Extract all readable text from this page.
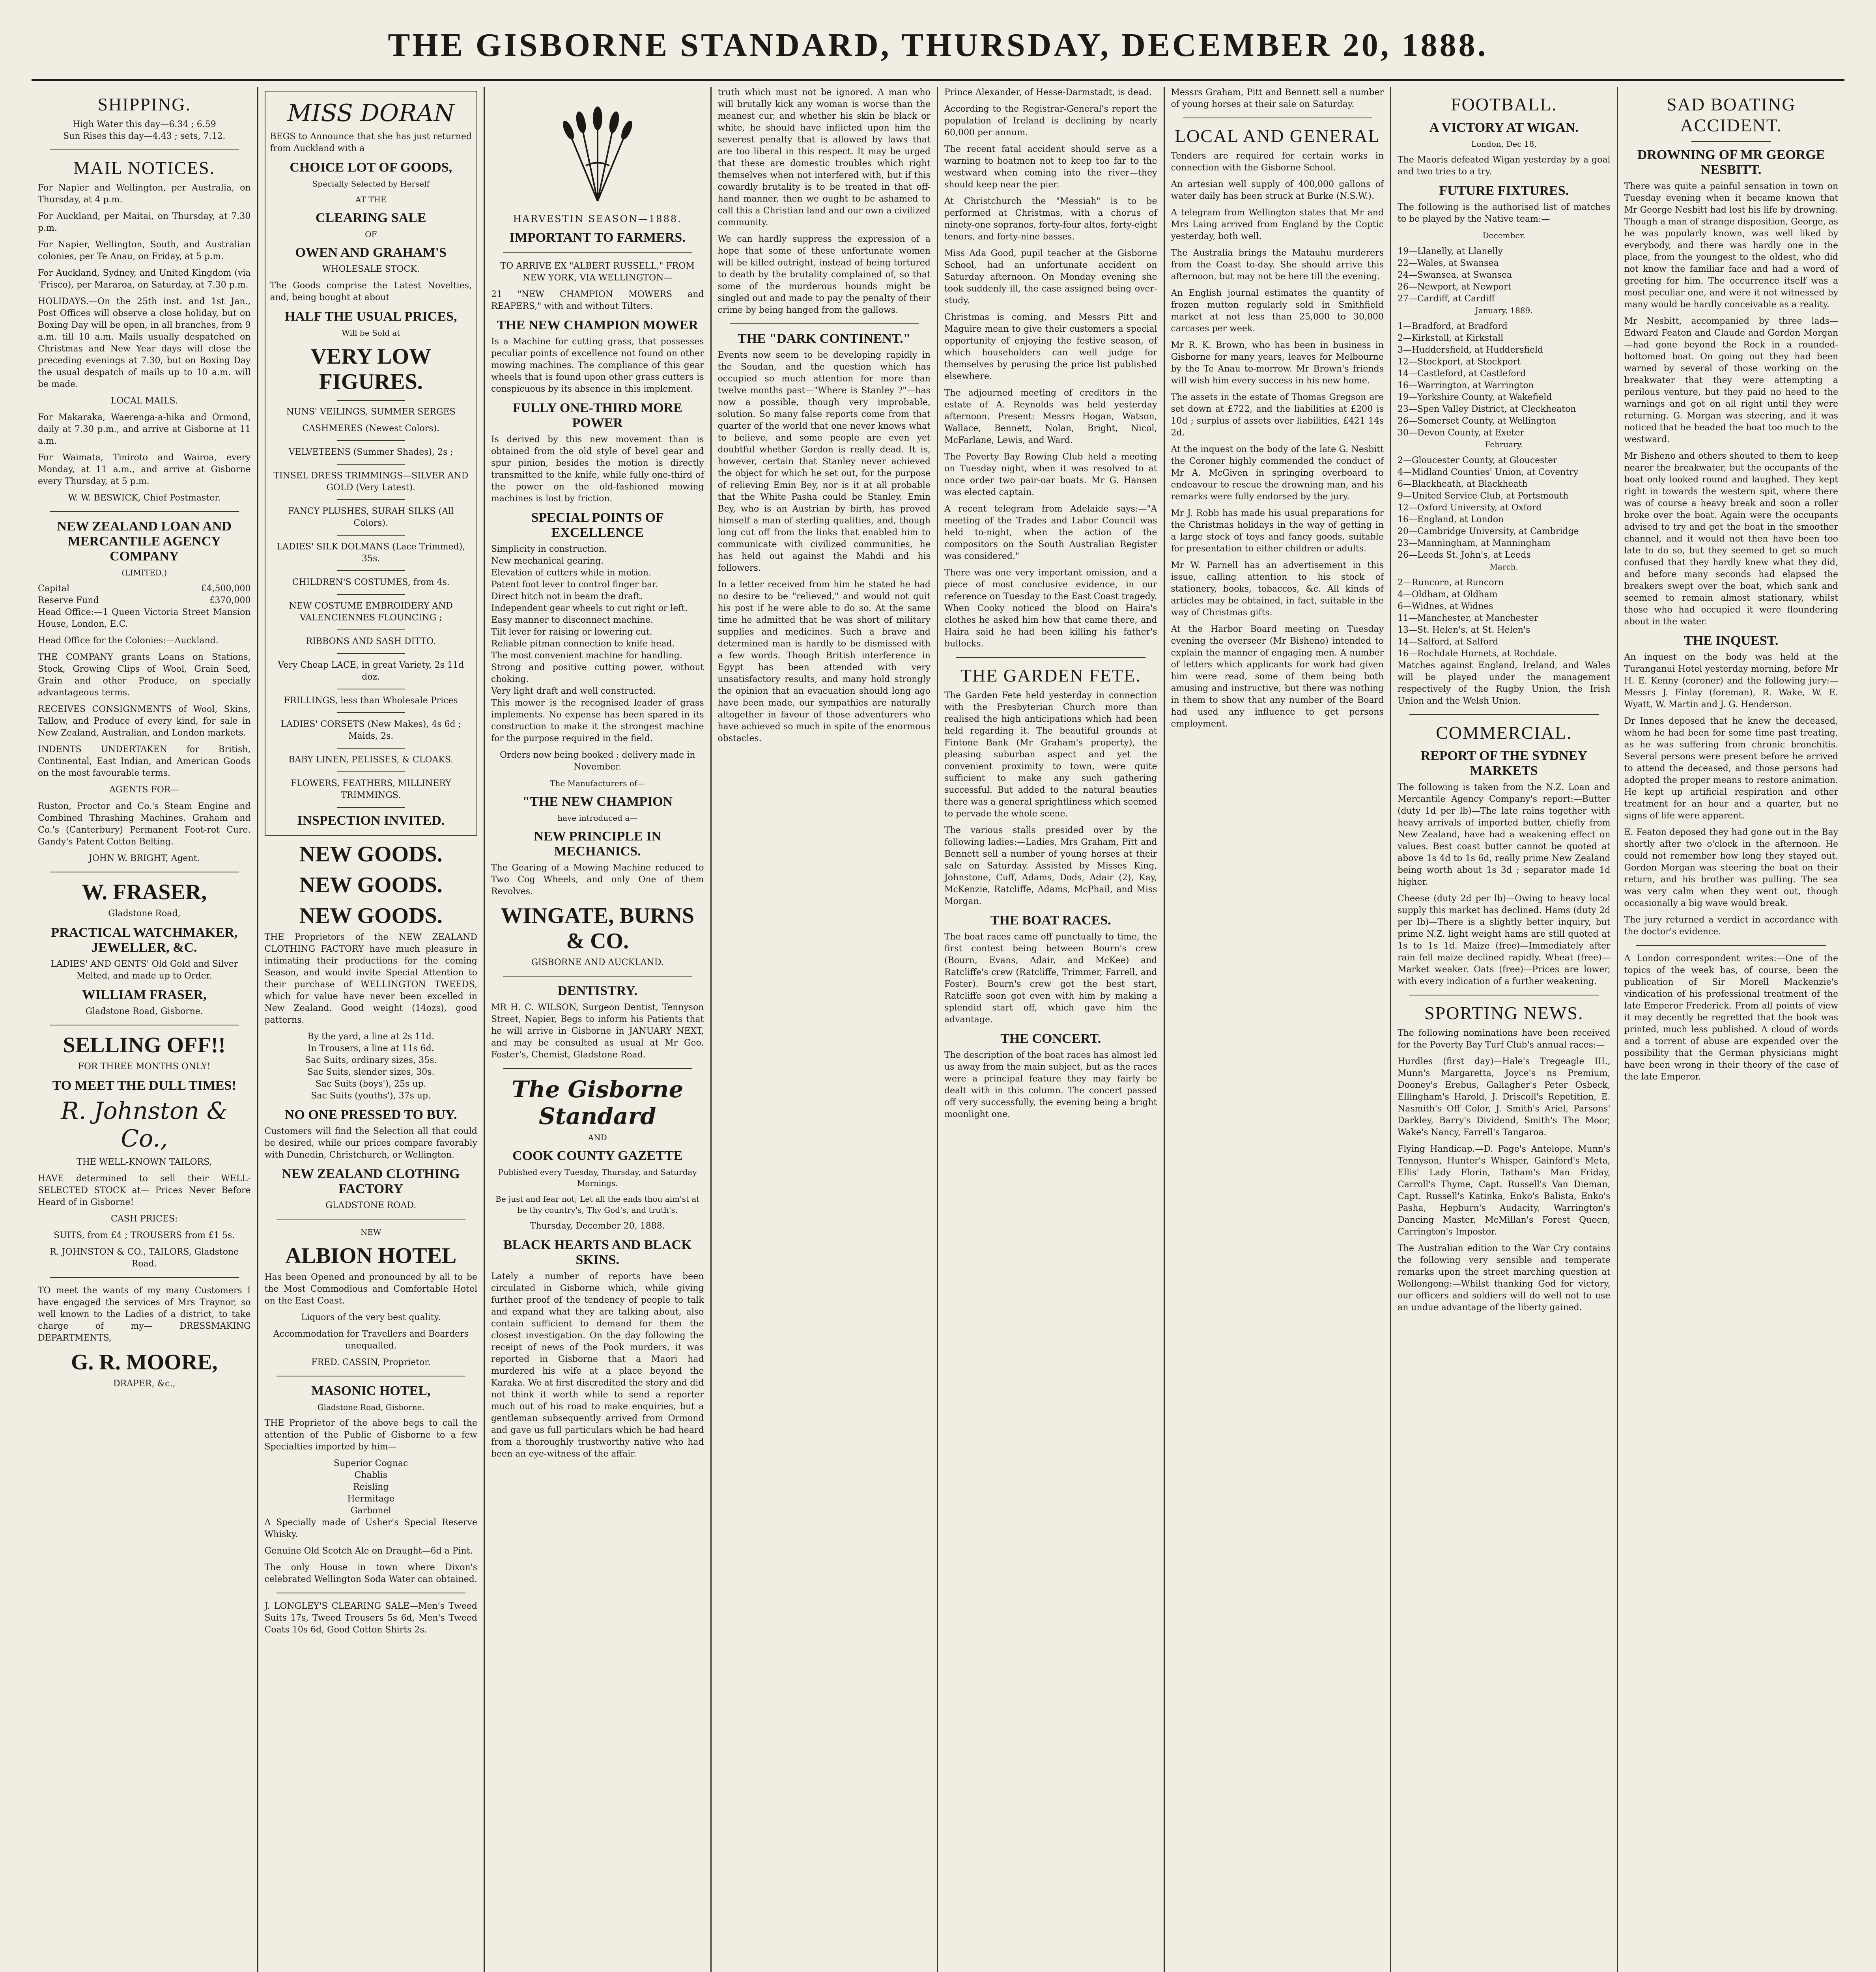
THE GISBORNE STANDARD, THURSDAY, DECEMBER 20, 1888.
SHIPPING.

High Water this day—6.34 ; 6.59

Sun Rises this day—4.43 ; sets, 7.12.

MAIL NOTICES.

For Napier and Wellington, per Australia, on Thursday, at 4 p.m.

For Auckland, per Maitai, on Thursday, at 7.30 p.m.

For Napier, Wellington, South, and Australian colonies, per Te Anau, on Friday, at 5 p.m.

For Auckland, Sydney, and United Kingdom (via 'Frisco), per Mararoa, on Saturday, at 7.30 p.m.

HOLIDAYS.—On the 25th inst. and 1st Jan., Post Offices will observe a close holiday, but on Boxing Day will be open, in all branches, from 9 a.m. till 10 a.m. Mails usually despatched on Christmas and New Year days will close the preceding evenings at 7.30, but on Boxing Day the usual despatch of mails up to 10 a.m. will be made.

LOCAL MAILS.

For Makaraka, Waerenga-a-hika and Ormond, daily at 7.30 p.m., and arrive at Gisborne at 11 a.m.

For Waimata, Tiniroto and Wairoa, every Monday, at 11 a.m., and arrive at Gisborne every Thursday, at 5 p.m.

W. W. BESWICK, Chief Postmaster.

NEW ZEALAND LOAN AND MERCANTILE AGENCY COMPANY

(LIMITED.)

Capital	£4,500,000
Reserve Fund	£370,000

Head Office:—1 Queen Victoria Street Mansion House, London, E.C.

Head Office for the Colonies:—Auckland.

THE COMPANY grants Loans on Stations, Stock, Growing Clips of Wool, Grain Seed, Grain and other Produce, on specially advantageous terms.

RECEIVES CONSIGNMENTS of Wool, Skins, Tallow, and Produce of every kind, for sale in New Zealand, Australian, and London markets.

INDENTS UNDERTAKEN for British, Continental, East Indian, and American Goods on the most favourable terms.

AGENTS FOR—

Ruston, Proctor and Co.'s Steam Engine and Combined Thrashing Machines. Graham and Co.'s (Canterbury) Permanent Foot-rot Cure. Gandy's Patent Cotton Belting.

JOHN W. BRIGHT, Agent.

W. FRASER,

Gladstone Road,

PRACTICAL WATCHMAKER, JEWELLER, &C.

LADIES' AND GENTS' Old Gold and Silver Melted, and made up to Order.

WILLIAM FRASER,

Gladstone Road, Gisborne.

SELLING OFF!!

FOR THREE MONTHS ONLY!

TO MEET THE DULL TIMES!
R. Johnston & Co.,

THE WELL-KNOWN TAILORS,

HAVE determined to sell their WELL-SELECTED STOCK at— Prices Never Before Heard of in Gisborne!

CASH PRICES:

SUITS, from £4 ; TROUSERS from £1 5s.

R. JOHNSTON & CO., TAILORS, Gladstone Road.

TO meet the wants of my many Customers I have engaged the services of Mrs Traynor, so well known to the Ladies of a district, to take charge of my— DRESSMAKING DEPARTMENTS,

G. R. MOORE,

DRAPER, &c.,

MISS DORAN

BEGS to Announce that she has just returned from Auckland with a

CHOICE LOT OF GOODS,

Specially Selected by Herself

AT THE

CLEARING SALE

OF

OWEN AND GRAHAM'S

WHOLESALE STOCK.

The Goods comprise the Latest Novelties, and, being bought at about

HALF THE USUAL PRICES,

Will be Sold at

VERY LOW FIGURES.

NUNS' VEILINGS, SUMMER SERGES

CASHMERES (Newest Colors).

VELVETEENS (Summer Shades), 2s ;

TINSEL DRESS TRIMMINGS—SILVER AND GOLD (Very Latest).

FANCY PLUSHES, SURAH SILKS (All Colors).

LADIES' SILK DOLMANS (Lace Trimmed), 35s.

CHILDREN'S COSTUMES, from 4s.

NEW COSTUME EMBROIDERY AND VALENCIENNES FLOUNCING ;

RIBBONS AND SASH DITTO.

Very Cheap LACE, in great Variety, 2s 11d doz.

FRILLINGS, less than Wholesale Prices

LADIES' CORSETS (New Makes), 4s 6d ; Maids, 2s.

BABY LINEN, PELISSES, & CLOAKS.

FLOWERS, FEATHERS, MILLINERY TRIMMINGS.

INSPECTION INVITED.
NEW GOODS.
NEW GOODS.
NEW GOODS.

THE Proprietors of the NEW ZEALAND CLOTHING FACTORY have much pleasure in intimating their productions for the coming Season, and would invite Special Attention to their purchase of WELLINGTON TWEEDS, which for value have never been excelled in New Zealand. Good weight (14ozs), good patterns.

By the yard, a line at 2s 11d.

In Trousers, a line at 11s 6d.

Sac Suits, ordinary sizes, 35s.

Sac Suits, slender sizes, 30s.

Sac Suits (boys'), 25s up.

Sac Suits (youths'), 37s up.

NO ONE PRESSED TO BUY.

Customers will find the Selection all that could be desired, while our prices compare favorably with Dunedin, Christchurch, or Wellington.

NEW ZEALAND CLOTHING FACTORY

GLADSTONE ROAD.

NEW

ALBION HOTEL

Has been Opened and pronounced by all to be the Most Commodious and Comfortable Hotel on the East Coast.

Liquors of the very best quality.

Accommodation for Travellers and Boarders unequalled.

FRED. CASSIN, Proprietor.

MASONIC HOTEL,

Gladstone Road, Gisborne.

THE Proprietor of the above begs to call the attention of the Public of Gisborne to a few Specialties imported by him—

Superior Cognac

Chablis

Reisling

Hermitage

Garbonel

A Specially made of Usher's Special Reserve Whisky.

Genuine Old Scotch Ale on Draught—6d a Pint.

The only House in town where Dixon's celebrated Wellington Soda Water can obtained.

J. LONGLEY'S CLEARING SALE—Men's Tweed Suits 17s, Tweed Trousers 5s 6d, Men's Tweed Coats 10s 6d, Good Cotton Shirts 2s.

HARVESTIN SEASON—1888.

IMPORTANT TO FARMERS.

TO ARRIVE EX "ALBERT RUSSELL," FROM NEW YORK, VIA WELLINGTON—

21 "NEW CHAMPION MOWERS and REAPERS," with and without Tilters.

THE NEW CHAMPION MOWER

Is a Machine for cutting grass, that possesses peculiar points of excellence not found on other mowing machines. The compliance of this gear wheels that is found upon other grass cutters is conspicuous by its absence in this implement.

FULLY ONE-THIRD MORE POWER

Is derived by this new movement than is obtained from the old style of bevel gear and spur pinion, besides the motion is directly transmitted to the knife, while fully one-third of the power on the old-fashioned mowing machines is lost by friction.

SPECIAL POINTS OF EXCELLENCE

Simplicity in construction.

New mechanical gearing.

Elevation of cutters while in motion.

Patent foot lever to control finger bar.

Direct hitch not in beam the draft.

Independent gear wheels to cut right or left.

Easy manner to disconnect machine.

Tilt lever for raising or lowering cut.

Reliable pitman connection to knife head.

The most convenient machine for handling.

Strong and positive cutting power, without choking.

Very light draft and well constructed.

This mower is the recognised leader of grass implements. No expense has been spared in its construction to make it the strongest machine for the purpose required in the field.

Orders now being booked ; delivery made in November.

The Manufacturers of—

"THE NEW CHAMPION

have introduced a—

NEW PRINCIPLE IN MECHANICS.

The Gearing of a Mowing Machine reduced to Two Cog Wheels, and only One of them Revolves.

WINGATE, BURNS & CO.

GISBORNE AND AUCKLAND.

DENTISTRY.

MR H. C. WILSON, Surgeon Dentist, Tennyson Street, Napier, Begs to inform his Patients that he will arrive in Gisborne in JANUARY NEXT, and may be consulted as usual at Mr Geo. Foster's, Chemist, Gladstone Road.

The Gisborne Standard

AND

COOK COUNTY GAZETTE

Published every Tuesday, Thursday, and Saturday Mornings.

Be just and fear not; Let all the ends thou aim'st at be thy country's, Thy God's, and truth's.

Thursday, December 20, 1888.

BLACK HEARTS AND BLACK SKINS.

Lately a number of reports have been circulated in Gisborne which, while giving further proof of the tendency of people to talk and expand what they are talking about, also contain sufficient to demand for them the closest investigation. On the day following the receipt of news of the Pook murders, it was reported in Gisborne that a Maori had murdered his wife at a place beyond the Karaka. We at first discredited the story and did not think it worth while to send a reporter much out of his road to make enquiries, but a gentleman subsequently arrived from Ormond and gave us full particulars which he had heard from a thoroughly trustworthy native who had been an eye-witness of the affair.

truth which must not be ignored. A man who will brutally kick any woman is worse than the meanest cur, and whether his skin be black or white, he should have inflicted upon him the severest penalty that is allowed by laws that are too liberal in this respect. It may be urged that these are domestic troubles which right themselves when not interfered with, but if this cowardly brutality is to be treated in that off-hand manner, then we ought to be ashamed to call this a Christian land and our own a civilized community.

We can hardly suppress the expression of a hope that some of these unfortunate women will be killed outright, instead of being tortured to death by the brutality complained of, so that some of the murderous hounds might be singled out and made to pay the penalty of their crime by being hanged from the gallows.

THE "DARK CONTINENT."

Events now seem to be developing rapidly in the Soudan, and the question which has occupied so much attention for more than twelve months past—"Where is Stanley ?"—has now a possible, though very improbable, solution. So many false reports come from that quarter of the world that one never knows what to believe, and some people are even yet doubtful whether Gordon is really dead. It is, however, certain that Stanley never achieved the object for which he set out, for the purpose of relieving Emin Bey, nor is it at all probable that the White Pasha could be Stanley. Emin Bey, who is an Austrian by birth, has proved himself a man of sterling qualities, and, though long cut off from the links that enabled him to communicate with civilized communities, he has held out against the Mahdi and his followers.

In a letter received from him he stated he had no desire to be "relieved," and would not quit his post if he were able to do so. At the same time he admitted that he was short of military supplies and medicines. Such a brave and determined man is hardly to be dismissed with a few words. Though British interference in Egypt has been attended with very unsatisfactory results, and many hold strongly the opinion that an evacuation should long ago have been made, our sympathies are naturally altogether in favour of those adventurers who have achieved so much in spite of the enormous obstacles.

Prince Alexander, of Hesse-Darmstadt, is dead.

According to the Registrar-General's report the population of Ireland is declining by nearly 60,000 per annum.

The recent fatal accident should serve as a warning to boatmen not to keep too far to the westward when coming into the river—they should keep near the pier.

At Christchurch the "Messiah" is to be performed at Christmas, with a chorus of ninety-one sopranos, forty-four altos, forty-eight tenors, and forty-nine basses.

Miss Ada Good, pupil teacher at the Gisborne School, had an unfortunate accident on Saturday afternoon. On Monday evening she took suddenly ill, the case assigned being over-study.

Christmas is coming, and Messrs Pitt and Maguire mean to give their customers a special opportunity of enjoying the festive season, of which householders can well judge for themselves by perusing the price list published elsewhere.

The adjourned meeting of creditors in the estate of A. Reynolds was held yesterday afternoon. Present: Messrs Hogan, Watson, Wallace, Bennett, Nolan, Bright, Nicol, McFarlane, Lewis, and Ward.

The Poverty Bay Rowing Club held a meeting on Tuesday night, when it was resolved to at once order two pair-oar boats. Mr G. Hansen was elected captain.

A recent telegram from Adelaide says:—"A meeting of the Trades and Labor Council was held to-night, when the action of the compositors on the South Australian Register was considered."

There was one very important omission, and a piece of most conclusive evidence, in our reference on Tuesday to the East Coast tragedy. When Cooky noticed the blood on Haira's clothes he asked him how that came there, and Haira said he had been killing his father's bullocks.

THE GARDEN FETE.

The Garden Fete held yesterday in connection with the Presbyterian Church more than realised the high anticipations which had been held regarding it. The beautiful grounds at Fintone Bank (Mr Graham's property), the pleasing suburban aspect and yet the convenient proximity to town, were quite sufficient to make any such gathering successful. But added to the natural beauties there was a general sprightliness which seemed to pervade the whole scene.

The various stalls presided over by the following ladies:—Ladies, Mrs Graham, Pitt and Bennett sell a number of young horses at their sale on Saturday. Assisted by Misses King, Johnstone, Cuff, Adams, Dods, Adair (2), Kay, McKenzie, Ratcliffe, Adams, McPhail, and Miss Morgan.

THE BOAT RACES.

The boat races came off punctually to time, the first contest being between Bourn's crew (Bourn, Evans, Adair, and McKee) and Ratcliffe's crew (Ratcliffe, Trimmer, Farrell, and Foster). Bourn's crew got the best start, Ratcliffe soon got even with him by making a splendid start off, which gave him the advantage.

THE CONCERT.

The description of the boat races has almost led us away from the main subject, but as the races were a principal feature they may fairly be dealt with in this column. The concert passed off very successfully, the evening being a bright moonlight one.

Messrs Graham, Pitt and Bennett sell a number of young horses at their sale on Saturday.

LOCAL AND GENERAL

Tenders are required for certain works in connection with the Gisborne School.

An artesian well supply of 400,000 gallons of water daily has been struck at Burke (N.S.W.).

A telegram from Wellington states that Mr and Mrs Laing arrived from England by the Coptic yesterday, both well.

The Australia brings the Matauhu murderers from the Coast to-day. She should arrive this afternoon, but may not be here till the evening.

An English journal estimates the quantity of frozen mutton regularly sold in Smithfield market at not less than 25,000 to 30,000 carcases per week.

Mr R. K. Brown, who has been in business in Gisborne for many years, leaves for Melbourne by the Te Anau to-morrow. Mr Brown's friends will wish him every success in his new home.

The assets in the estate of Thomas Gregson are set down at £722, and the liabilities at £200 is 10d ; surplus of assets over liabilities, £421 14s 2d.

At the inquest on the body of the late G. Nesbitt the Coroner highly commended the conduct of Mr A. McGiven in springing overboard to endeavour to rescue the drowning man, and his remarks were fully endorsed by the jury.

Mr J. Robb has made his usual preparations for the Christmas holidays in the way of getting in a large stock of toys and fancy goods, suitable for presentation to either children or adults.

Mr W. Parnell has an advertisement in this issue, calling attention to his stock of stationery, books, tobaccos, &c. All kinds of articles may be obtained, in fact, suitable in the way of Christmas gifts.

At the Harbor Board meeting on Tuesday evening the overseer (Mr Bisheno) intended to explain the manner of engaging men. A number of letters which applicants for work had given him were read, some of them being both amusing and instructive, but there was nothing in them to show that any number of the Board had used any influence to get persons employment.

FOOTBALL.
A VICTORY AT WIGAN.

London, Dec 18,

The Maoris defeated Wigan yesterday by a goal and two tries to a try.

FUTURE FIXTURES.

The following is the authorised list of matches to be played by the Native team:—

December.

19—Llanelly, at Llanelly

22—Wales, at Swansea

24—Swansea, at Swansea

26—Newport, at Newport

27—Cardiff, at Cardiff

January, 1889.

1—Bradford, at Bradford

2—Kirkstall, at Kirkstall

3—Huddersfield, at Huddersfield

12—Stockport, at Stockport

14—Castleford, at Castleford

16—Warrington, at Warrington

19—Yorkshire County, at Wakefield

23—Spen Valley District, at Cleckheaton

26—Somerset County, at Wellington

30—Devon County, at Exeter

February.

2—Gloucester County, at Gloucester

4—Midland Counties' Union, at Coventry

6—Blackheath, at Blackheath

9—United Service Club, at Portsmouth

12—Oxford University, at Oxford

16—England, at London

20—Cambridge University, at Cambridge

23—Manningham, at Manningham

26—Leeds St. John's, at Leeds

March.

2—Runcorn, at Runcorn

4—Oldham, at Oldham

6—Widnes, at Widnes

11—Manchester, at Manchester

13—St. Helen's, at St. Helen's

14—Salford, at Salford

16—Rochdale Hornets, at Rochdale.

Matches against England, Ireland, and Wales will be played under the management respectively of the Rugby Union, the Irish Union and the Welsh Union.

COMMERCIAL.
REPORT OF THE SYDNEY MARKETS

The following is taken from the N.Z. Loan and Mercantile Agency Company's report:—Butter (duty 1d per lb)—The late rains together with heavy arrivals of imported butter, chiefly from New Zealand, have had a weakening effect on values. Best coast butter cannot be quoted at above 1s 4d to 1s 6d, really prime New Zealand being worth about 1s 3d ; separator made 1d higher.

Cheese (duty 2d per lb)—Owing to heavy local supply this market has declined. Hams (duty 2d per lb)—There is a slightly better inquiry, but prime N.Z. light weight hams are still quoted at 1s to 1s 1d. Maize (free)—Immediately after rain fell maize declined rapidly. Wheat (free)—Market weaker. Oats (free)—Prices are lower, with every indication of a further weakening.

SPORTING NEWS.

The following nominations have been received for the Poverty Bay Turf Club's annual races:—

Hurdles (first day)—Hale's Tregeagle III., Munn's Margaretta, Joyce's ns Premium, Dooney's Erebus, Gallagher's Peter Osbeck, Ellingham's Harold, J. Driscoll's Repetition, E. Nasmith's Off Color, J. Smith's Ariel, Parsons' Darkley, Barry's Dividend, Smith's The Moor, Wake's Nancy, Farrell's Tangaroa.

Flying Handicap.—D. Page's Antelope, Munn's Tennyson, Hunter's Whisper, Gainford's Meta, Ellis' Lady Florin, Tatham's Man Friday, Carroll's Thyme, Capt. Russell's Van Dieman, Capt. Russell's Katinka, Enko's Balista, Enko's Pasha, Hepburn's Audacity, Warrington's Dancing Master, McMillan's Forest Queen, Carrington's Impostor.

The Australian edition to the War Cry contains the following very sensible and temperate remarks upon the street marching question at Wollongong:—Whilst thanking God for victory, our officers and soldiers will do well not to use an undue advantage of the liberty gained.

SAD BOATING ACCIDENT.
DROWNING OF MR GEORGE NESBITT.

There was quite a painful sensation in town on Tuesday evening when it became known that Mr George Nesbitt had lost his life by drowning. Though a man of strange disposition, George, as he was popularly known, was well liked by everybody, and there was hardly one in the place, from the youngest to the oldest, who did not know the familiar face and had a word of greeting for him. The occurrence itself was a most peculiar one, and were it not witnessed by many would be hardly conceivable as a reality.

Mr Nesbitt, accompanied by three lads—Edward Featon and Claude and Gordon Morgan—had gone beyond the Rock in a rounded-bottomed boat. On going out they had been warned by several of those working on the breakwater that they were attempting a perilous venture, but they paid no heed to the warnings and got on all right until they were returning. G. Morgan was steering, and it was noticed that he headed the boat too much to the westward.

Mr Bisheno and others shouted to them to keep nearer the breakwater, but the occupants of the boat only looked round and laughed. They kept right in towards the western spit, where there was of course a heavy break and soon a roller broke over the boat. Again were the occupants advised to try and get the boat in the smoother channel, and it would not then have been too late to do so, but they seemed to get so much confused that they hardly knew what they did, and before many seconds had elapsed the breakers swept over the boat, which sank and seemed to remain almost stationary, whilst those who had occupied it were floundering about in the water.

THE INQUEST.

An inquest on the body was held at the Turanganui Hotel yesterday morning, before Mr H. E. Kenny (coroner) and the following jury:—Messrs J. Finlay (foreman), R. Wake, W. E. Wyatt, W. Martin and J. G. Henderson.

Dr Innes deposed that he knew the deceased, whom he had been for some time past treating, as he was suffering from chronic bronchitis. Several persons were present before he arrived to attend the deceased, and those persons had adopted the proper means to restore animation. He kept up artificial respiration and other treatment for an hour and a quarter, but no signs of life were apparent.

E. Featon deposed they had gone out in the Bay shortly after two o'clock in the afternoon. He could not remember how long they stayed out. Gordon Morgan was steering the boat on their return, and his brother was pulling. The sea was very calm when they went out, though occasionally a big wave would break.

The jury returned a verdict in accordance with the doctor's evidence.

A London correspondent writes:—One of the topics of the week has, of course, been the publication of Sir Morell Mackenzie's vindication of his professional treatment of the late Emperor Frederick. From all points of view it may decently be regretted that the book was printed, much less published. A cloud of words and a torrent of abuse are expended over the possibility that the German physicians might have been wrong in their theory of the case of the late Emperor.
